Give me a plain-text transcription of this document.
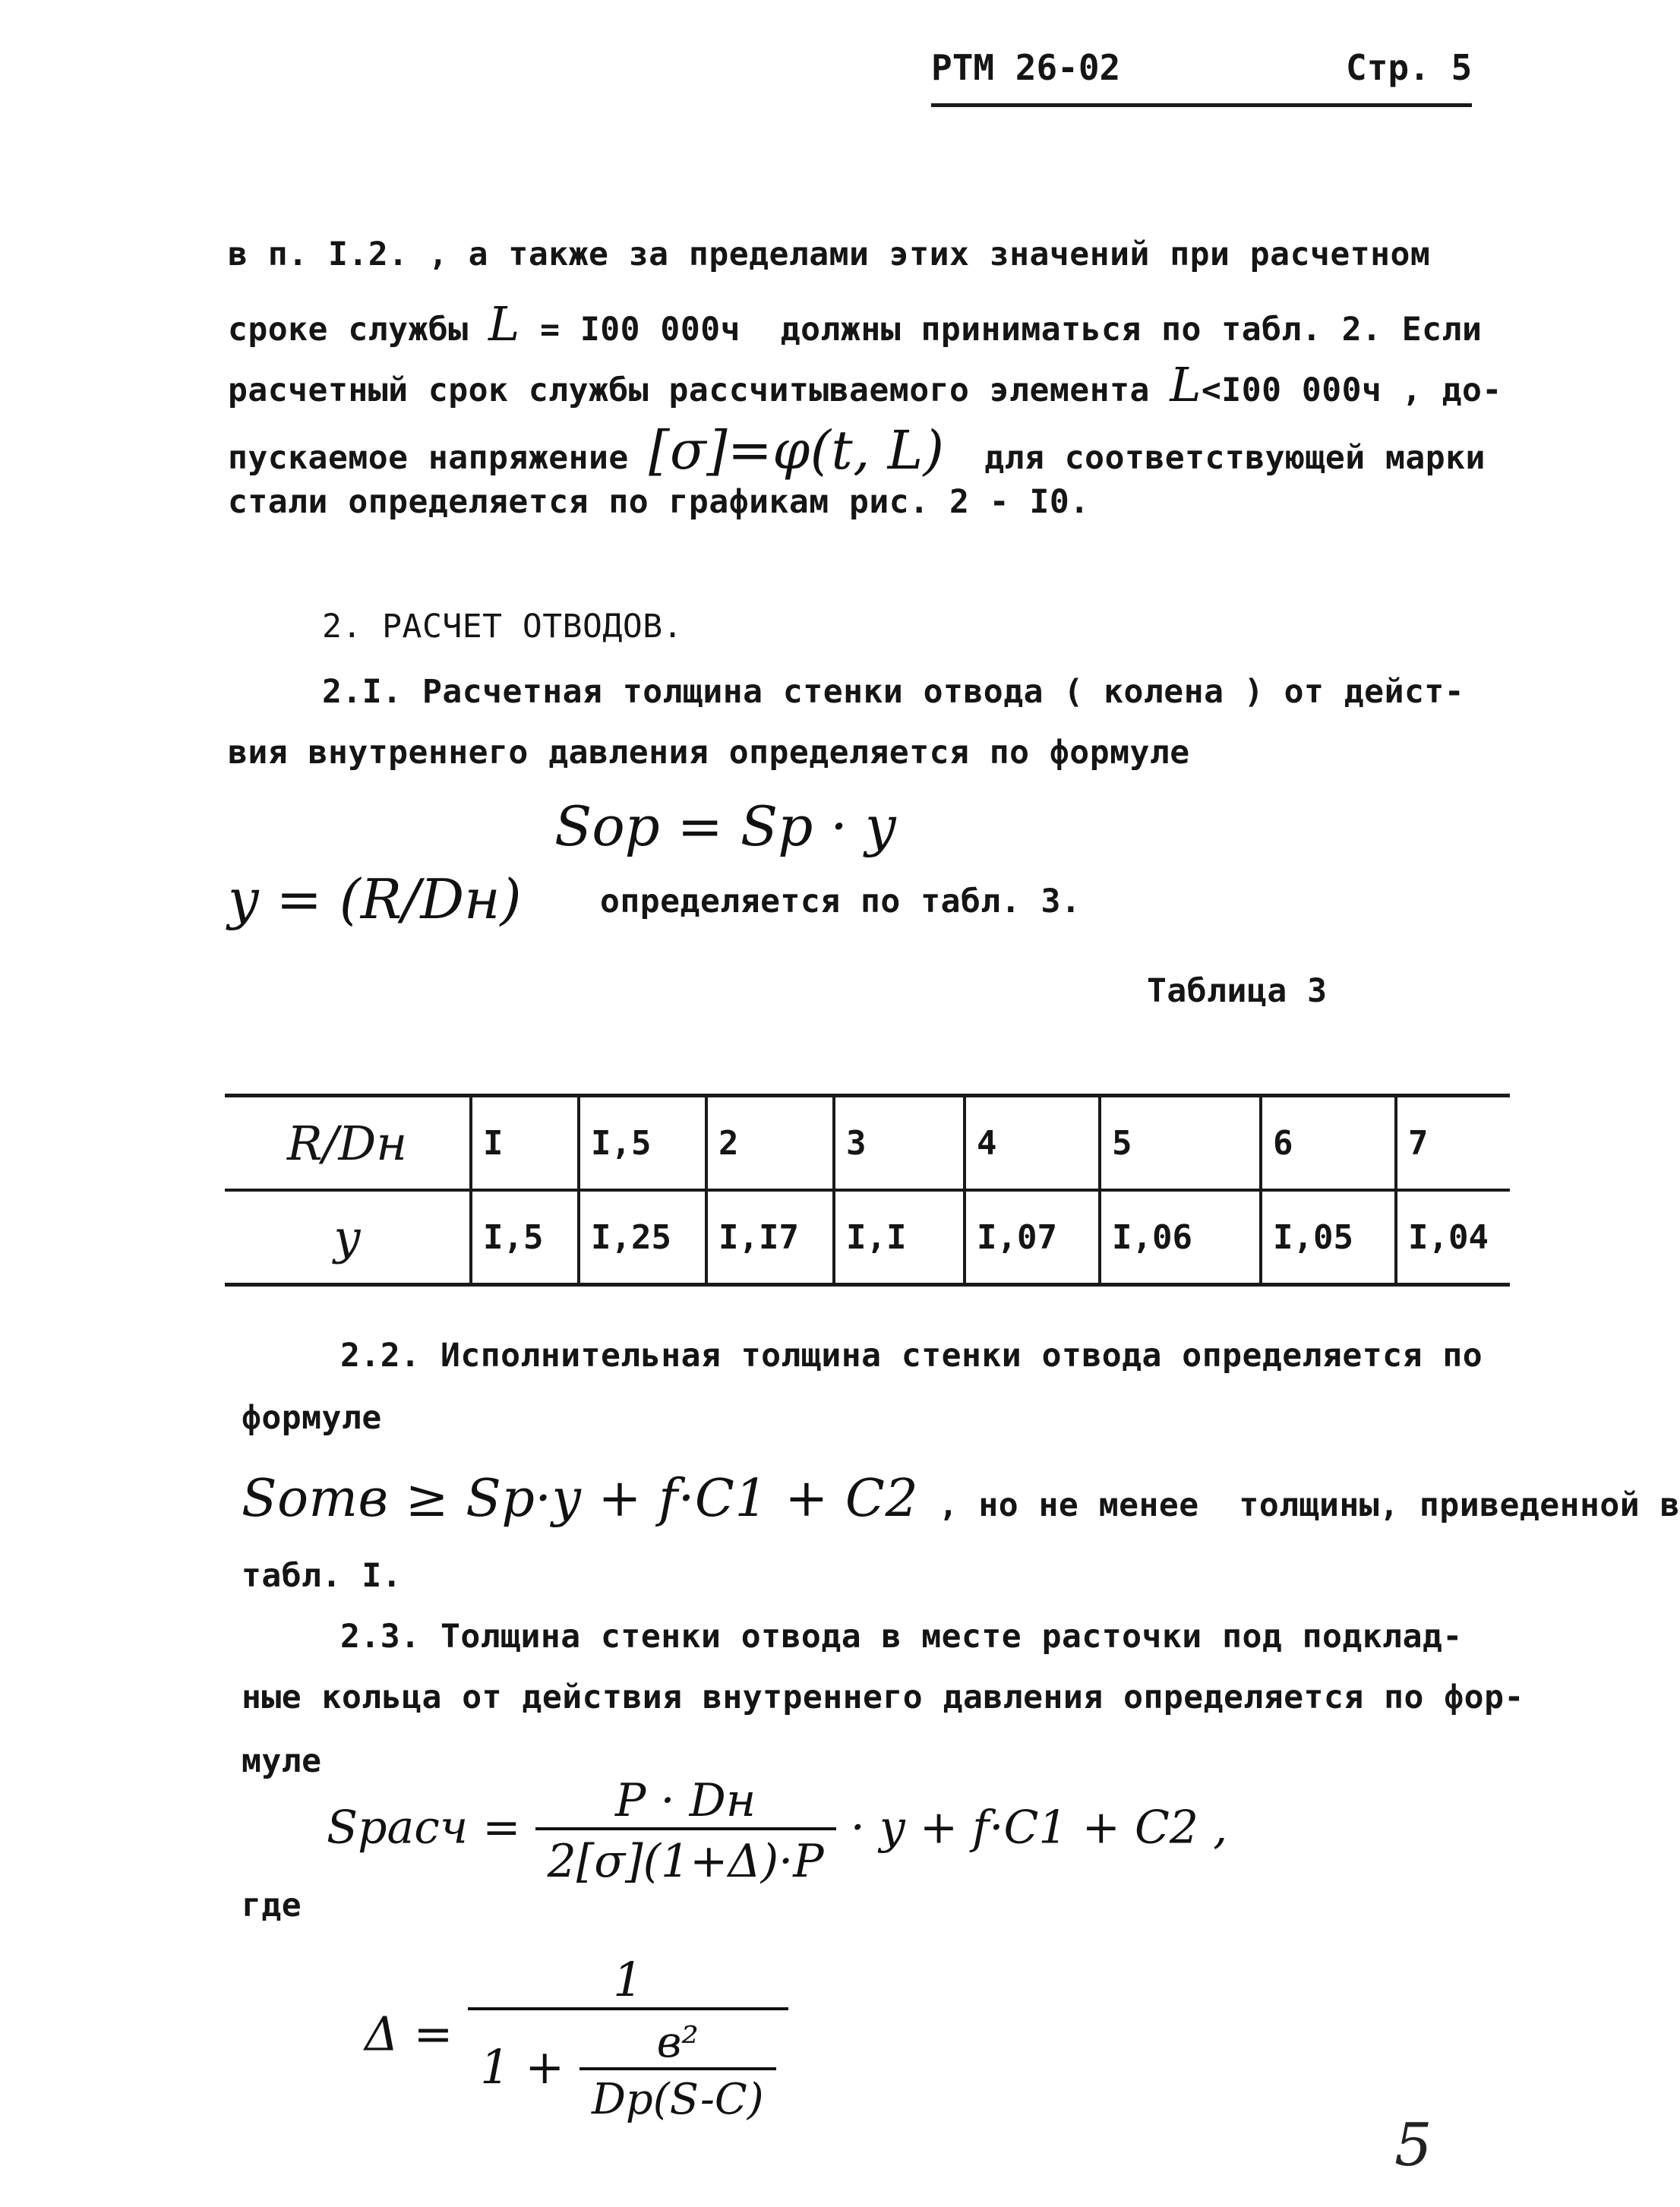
РТМ 26-02	Стр. 5
в п. I.2. , а также за пределами этих значений при расчетном
сроке службы L = I00 000ч  должны приниматься по табл. 2. Если
расчетный срок службы рассчитываемого элемента L<I00 000ч , до-
пускаемое напряжение [σ]=φ(t, L)  для соответствующей марки
стали определяется по графикам рис. 2 - I0.
2. РАСЧЕТ ОТВОДОВ.
2.I. Расчетная толщина стенки отвода ( колена ) от дейст-
вия внутреннего давления определяется по формуле
Sop = Sp · y
y = (R/Dн) определяется по табл. 3.
Таблица 3
R/Dн	I	I,5	2	3	4	5	6	7
y	I,5	I,25	I,I7	I,I	I,07	I,06	I,05	I,04
2.2. Исполнительная толщина стенки отвода определяется по
формуле
Sотв ≥ Sp·y + f·C1 + C2 , но не менее  толщины, приведенной в
табл. I.
2.3. Толщина стенки отвода в месте расточки под подклад-
ные кольца от действия внутреннего давления определяется по фор-
муле
Sрасч = $\frac{P \cdot Dн}{2[\sigma](1+\Delta)\cdot P} \cdot y + f\cdot C1 + C2$ ,
где
$\Delta = \frac{1}{1 + \frac{\text{в²}}{Dp(S-C)}}$
5
